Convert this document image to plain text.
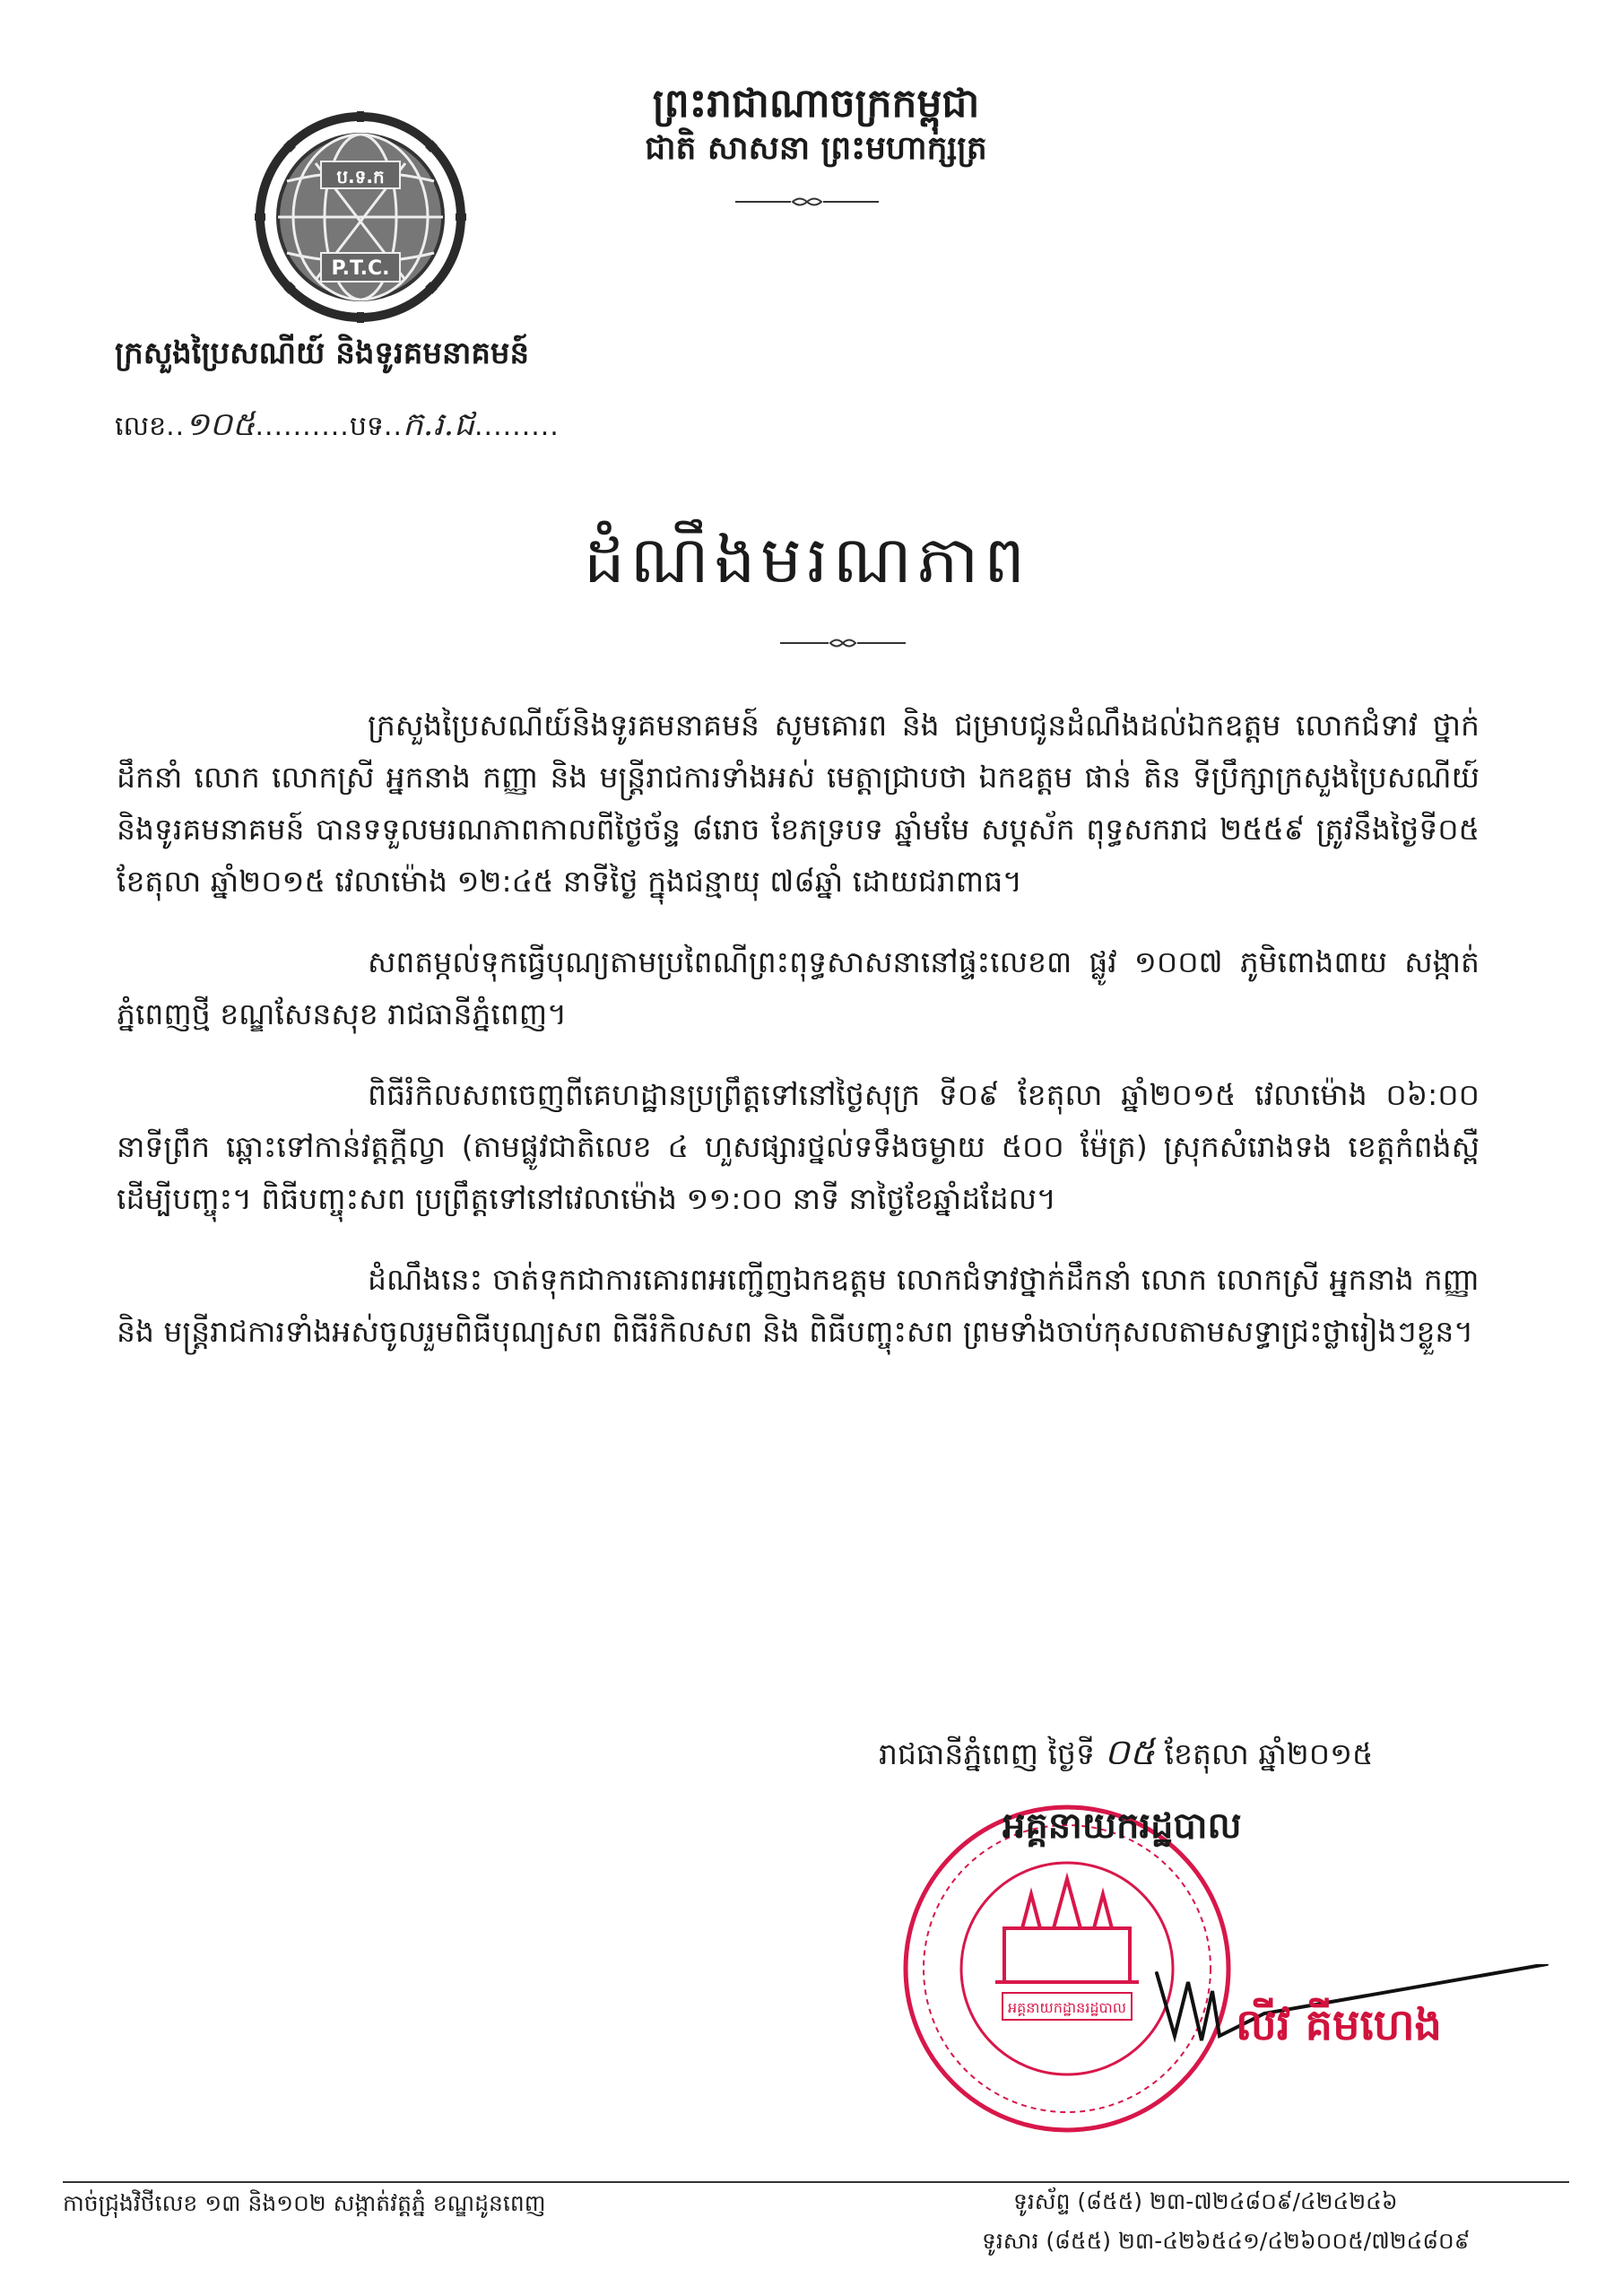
ព្រះរាជាណាចក្រកម្ពុជា
ជាតិ សាសនា ព្រះមហាក្សត្រ
ប.ទ.ក
P.T.C.
ក្រសួងប្រៃសណីយ៍ និងទូរគមនាគមន៍
លេខ..១០៥..........បទ..ក.រ.ជ.........
ដំណឹងមរណភាព

ក្រសួងប្រៃសណីយ៍និងទូរគមនាគមន៍ សូមគោរព និង ជម្រាបជូនដំណឹងដល់ឯកឧត្តម លោកជំទាវ ថ្នាក់ដឹកនាំ លោក លោកស្រី អ្នកនាង កញ្ញា និង មន្ត្រីរាជការទាំងអស់ មេត្តាជ្រាបថា ឯកឧត្តម ផាន់ តិន ទីប្រឹក្សាក្រសួងប្រៃសណីយ៍និងទូរគមនាគមន៍ បានទទួលមរណភាពកាលពីថ្ងៃច័ន្ទ ៨រោច ខែភទ្របទ ឆ្នាំមមែ សប្តស័ក ពុទ្ធសករាជ ២៥៥៩ ត្រូវនឹងថ្ងៃទី០៥ ខែតុលា ឆ្នាំ២០១៥ វេលាម៉ោង ១២:៤៥ នាទីថ្ងៃ ក្នុងជន្មាយុ ៧៨ឆ្នាំ ដោយជរាពាធ។

សពតម្កល់ទុកធ្វើបុណ្យតាមប្រពៃណីព្រះពុទ្ធសាសនានៅផ្ទះលេខ៣ ផ្លូវ ១០០៧ ភូមិពោង៣យ សង្កាត់ភ្នំពេញថ្មី ខណ្ឌសែនសុខ រាជធានីភ្នំពេញ។

ពិធីរំកិលសពចេញពីគេហដ្ឋានប្រព្រឹត្តទៅនៅថ្ងៃសុក្រ ទី០៩ ខែតុលា ឆ្នាំ២០១៥ វេលាម៉ោង ០៦:០០ នាទីព្រឹក ឆ្ពោះទៅកាន់វត្តក្តីល្វា (តាមផ្លូវជាតិលេខ ៤ ហួសផ្សារថ្នល់ទទឹងចម្ងាយ ៥០០ ម៉ែត្រ) ស្រុកសំរោងទង ខេត្តកំពង់ស្ពឺ ដើម្បីបញ្ចុះ។ ពិធីបញ្ចុះសព ប្រព្រឹត្តទៅនៅវេលាម៉ោង ១១:០០ នាទី នាថ្ងៃខែឆ្នាំដដែល។

ដំណឹងនេះ ចាត់ទុកជាការគោរពអញ្ជើញឯកឧត្តម លោកជំទាវថ្នាក់ដឹកនាំ លោក លោកស្រី អ្នកនាង កញ្ញា និង មន្ត្រីរាជការទាំងអស់ចូលរួមពិធីបុណ្យសព ពិធីរំកិលសព និង ពិធីបញ្ចុះសព ព្រមទាំងចាប់កុសលតាមសទ្ធាជ្រះថ្លារៀងៗខ្លួន។

រាជធានីភ្នំពេញ ថ្ងៃទី ០៥ ខែតុលា ឆ្នាំ២០១៥
អគ្គនាយកដ្ឋានរដ្ឋបាល
អគ្គនាយករដ្ឋបាល
លីវ គីមហេង
កាច់ជ្រុងវិថីលេខ ១៣ និង១០២ សង្កាត់វត្តភ្នំ ខណ្ឌដូនពេញ	ទូរស័ព្ទ (៨៥៥) ២៣-៧២៤៨០៩/៤២៤២៤៦
ទូរសារ (៨៥៥) ២៣-៤២៦៥៤១/៤២៦០០៥/៧២៤៨០៩
